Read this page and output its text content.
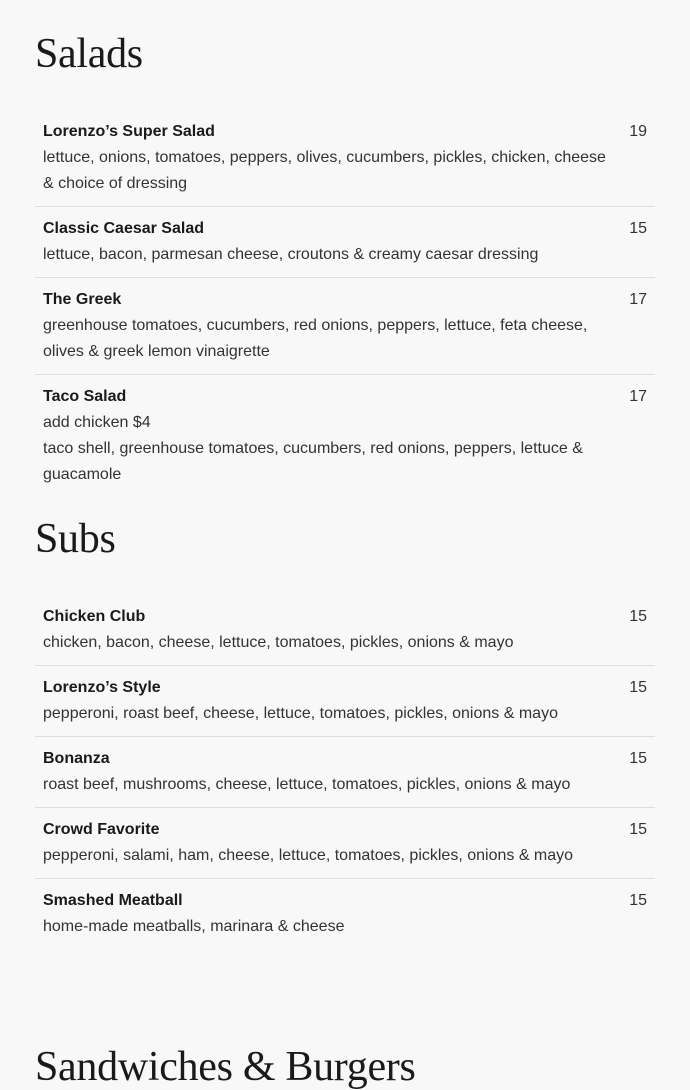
Salads
Lorenzo’s Super Salad
lettuce, onions, tomatoes, peppers, olives, cucumbers, pickles, chicken, cheese & choice of dressing
19
Classic Caesar Salad
lettuce, bacon, parmesan cheese, croutons & creamy caesar dressing
15
The Greek
greenhouse tomatoes, cucumbers, red onions, peppers, lettuce, feta cheese, olives & greek lemon vinaigrette
17
Taco Salad
add chicken $4
taco shell, greenhouse tomatoes, cucumbers, red onions, peppers, lettuce & guacamole
17
Subs
Chicken Club
chicken, bacon, cheese, lettuce, tomatoes, pickles, onions & mayo
15
Lorenzo’s Style
pepperoni, roast beef, cheese, lettuce, tomatoes, pickles, onions & mayo
15
Bonanza
roast beef, mushrooms, cheese, lettuce, tomatoes, pickles, onions & mayo
15
Crowd Favorite
pepperoni, salami, ham, cheese, lettuce, tomatoes, pickles, onions & mayo
15
Smashed Meatball
home-made meatballs, marinara & cheese
15
Sandwiches & Burgers
